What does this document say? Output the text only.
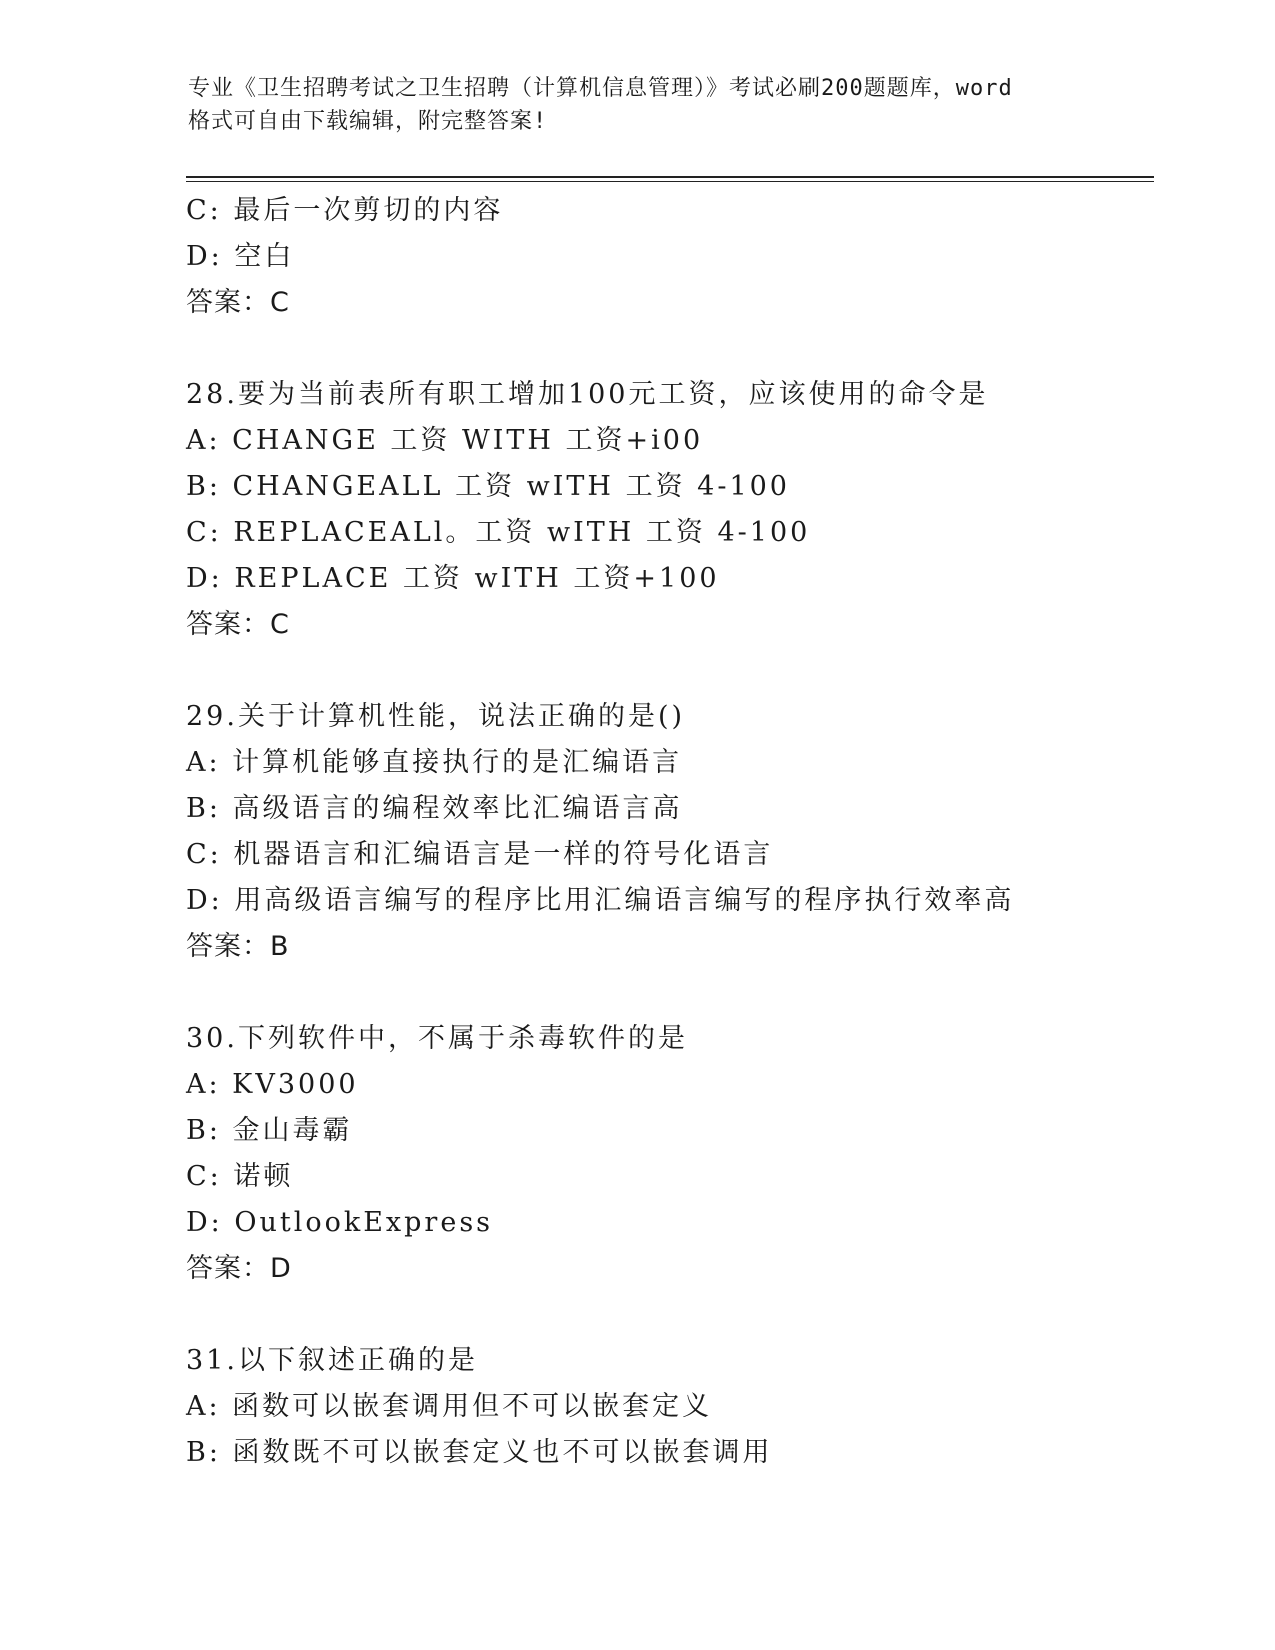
专业《卫生招聘考试之卫生招聘（计算机信息管理）》考试必刷200题题库，word
格式可自由下载编辑，附完整答案!
C: 最后一次剪切的内容
D: 空白
答案：C
28.要为当前表所有职工增加100元工资，应该使用的命令是
A: CHANGE 工资 WITH 工资+i00
B: CHANGEALL 工资 wITH 工资 4-100
C: REPLACEALl。工资 wITH 工资 4-100
D: REPLACE 工资 wITH 工资+100
答案：C
29.关于计算机性能，说法正确的是()
A: 计算机能够直接执行的是汇编语言
B: 高级语言的编程效率比汇编语言高
C: 机器语言和汇编语言是一样的符号化语言
D: 用高级语言编写的程序比用汇编语言编写的程序执行效率高
答案：B
30.下列软件中，不属于杀毒软件的是
A: KV3000
B: 金山毒霸
C: 诺顿
D: OutlookExpress
答案：D
31.以下叙述正确的是
A: 函数可以嵌套调用但不可以嵌套定义
B: 函数既不可以嵌套定义也不可以嵌套调用
